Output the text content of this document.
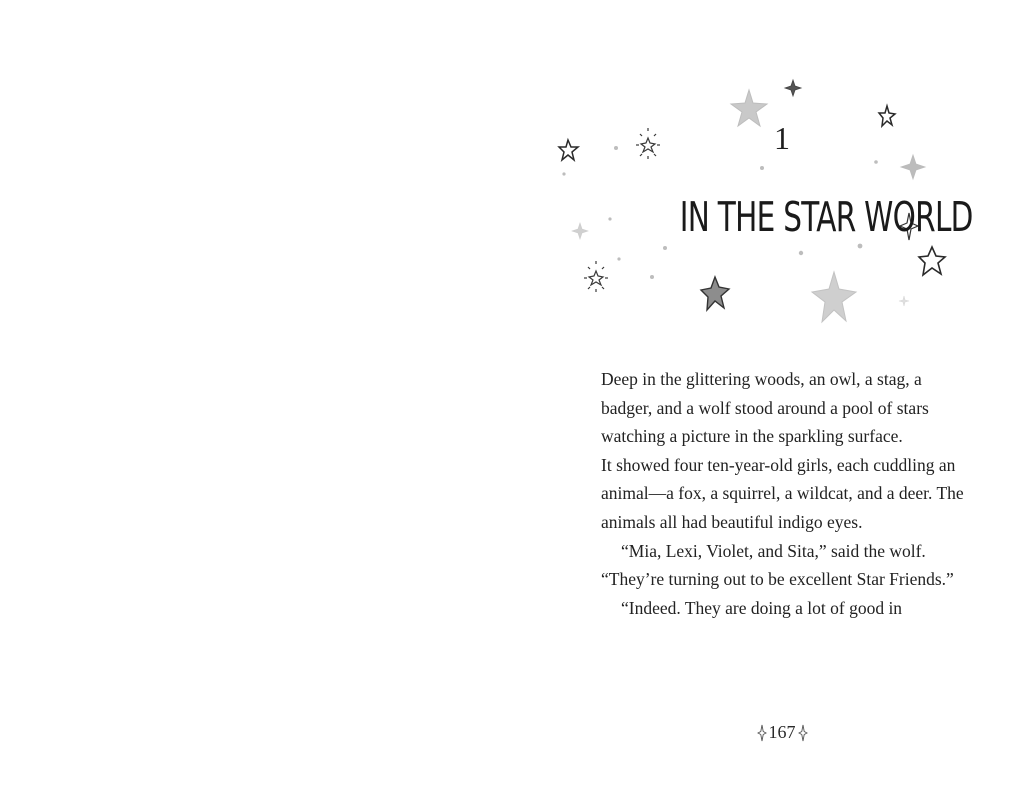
1
IN THE STAR WORLD

Deep in the glittering woods, an owl, a stag, a badger, and a wolf stood around a pool of stars watching a picture in the sparkling surface.

It showed four ten-year-old girls, each cuddling an animal—a fox, a squirrel, a wildcat, and a deer. The animals all had beautiful indigo eyes.

“Mia, Lexi, Violet, and Sita,” said the wolf. “They’re turning out to be excellent Star Friends.”

“Indeed. They are doing a lot of good in

167
